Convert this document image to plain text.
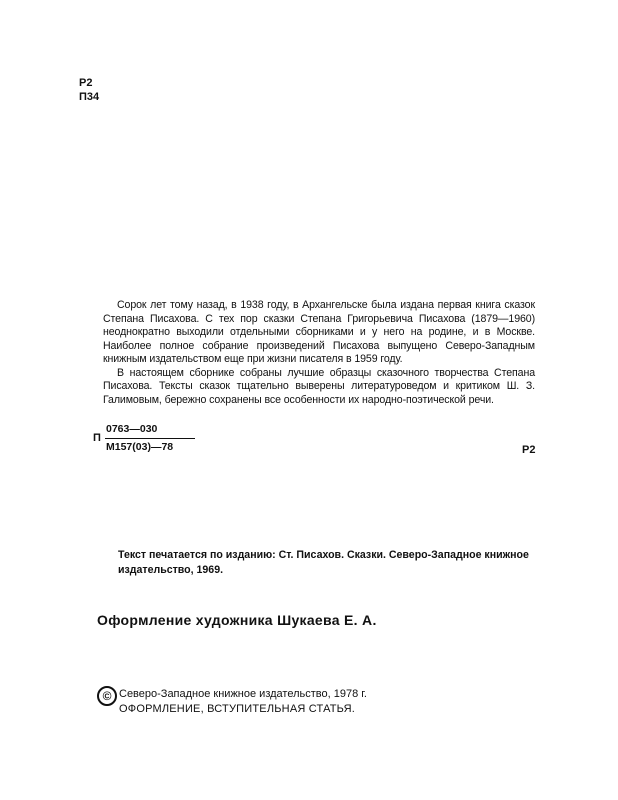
Р2
П34

Сорок лет тому назад, в 1938 году, в Архангельске была издана первая книга сказок Степана Писахова. С тех пор сказки Степана Григорьевича Писахова (1879—1960) неоднократно выходили отдельными сборниками и у него на родине, и в Москве. Наиболее полное собрание произведений Писахова выпущено Северо-Западным книжным издательством еще при жизни писателя в 1959 году.

В настоящем сборнике собраны лучшие образцы сказочного творчества Степана Писахова. Тексты сказок тщательно выверены литературоведом и критиком Ш. З. Галимовым, бережно сохранены все особенности их народно-поэтической речи.

П
0763—030
М157(03)—78	Р2
Текст печатается по изданию: Ст. Писахов. Сказки. Северо-Западное книжное
издательство, 1969.
Оформление художника Шукаева Е. А.
© Северо-Западное книжное издательство, 1978 г.
ОФОРМЛЕНИЕ, ВСТУПИТЕЛЬНАЯ СТАТЬЯ.
